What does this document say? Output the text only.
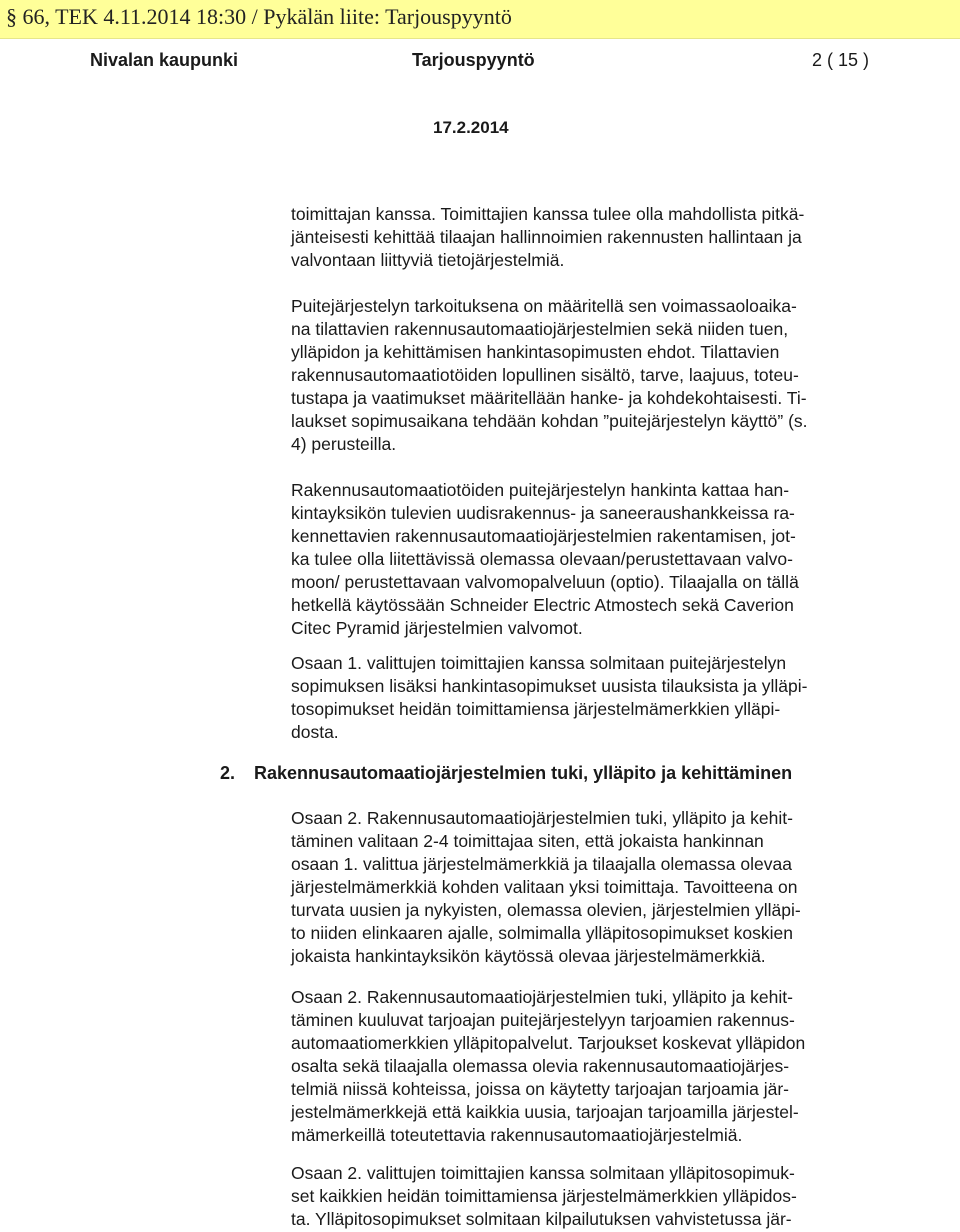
§ 66, TEK 4.11.2014 18:30 / Pykälän liite: Tarjouspyyntö
Nivalan kaupunki	Tarjouspyyntö	2 ( 15 )
17.2.2014

toimittajan kanssa. Toimittajien kanssa tulee olla mahdollista pitkä-
jänteisesti kehittää tilaajan hallinnoimien rakennusten hallintaan ja
valvontaan liittyviä tietojärjestelmiä.

Puitejärjestelyn tarkoituksena on määritellä sen voimassaoloaika-
na tilattavien rakennusautomaatiojärjestelmien sekä niiden tuen,
ylläpidon ja kehittämisen hankintasopimusten ehdot. Tilattavien
rakennusautomaatiotöiden lopullinen sisältö, tarve, laajuus, toteu-
tustapa ja vaatimukset määritellään hanke- ja kohdekohtaisesti. Ti-
laukset sopimusaikana tehdään kohdan ”puitejärjestelyn käyttö” (s.
4) perusteilla.

Rakennusautomaatiotöiden puitejärjestelyn hankinta kattaa han-
kintayksikön tulevien uudisrakennus- ja saneeraushankkeissa ra-
kennettavien rakennusautomaatiojärjestelmien rakentamisen, jot-
ka tulee olla liitettävissä olemassa olevaan/perustettavaan valvo-
moon/ perustettavaan valvomopalveluun (optio). Tilaajalla on tällä
hetkellä käytössään Schneider Electric Atmostech sekä Caverion
Citec Pyramid järjestelmien valvomot.

Osaan 1. valittujen toimittajien kanssa solmitaan puitejärjestelyn
sopimuksen lisäksi hankintasopimukset uusista tilauksista ja ylläpi-
tosopimukset heidän toimittamiensa järjestelmämerkkien ylläpi-
dosta.

2. Rakennusautomaatiojärjestelmien tuki, ylläpito ja kehittäminen

Osaan 2. Rakennusautomaatiojärjestelmien tuki, ylläpito ja kehit-
täminen valitaan 2-4 toimittajaa siten, että jokaista hankinnan
osaan 1. valittua järjestelmämerkkiä ja tilaajalla olemassa olevaa
järjestelmämerkkiä kohden valitaan yksi toimittaja. Tavoitteena on
turvata uusien ja nykyisten, olemassa olevien, järjestelmien ylläpi-
to niiden elinkaaren ajalle, solmimalla ylläpitosopimukset koskien
jokaista hankintayksikön käytössä olevaa järjestelmämerkkiä.

Osaan 2. Rakennusautomaatiojärjestelmien tuki, ylläpito ja kehit-
täminen kuuluvat tarjoajan puitejärjestelyyn tarjoamien rakennus-
automaatiomerkkien ylläpitopalvelut. Tarjoukset koskevat ylläpidon
osalta sekä tilaajalla olemassa olevia rakennusautomaatiojärjes-
telmiä niissä kohteissa, joissa on käytetty tarjoajan tarjoamia jär-
jestelmämerkkejä että kaikkia uusia, tarjoajan tarjoamilla järjestel-
mämerkeillä toteutettavia rakennusautomaatiojärjestelmiä.

Osaan 2. valittujen toimittajien kanssa solmitaan ylläpitosopimuk-
set kaikkien heidän toimittamiensa järjestelmämerkkien ylläpidos-
ta. Ylläpitosopimukset solmitaan kilpailutuksen vahvistetussa jär-
